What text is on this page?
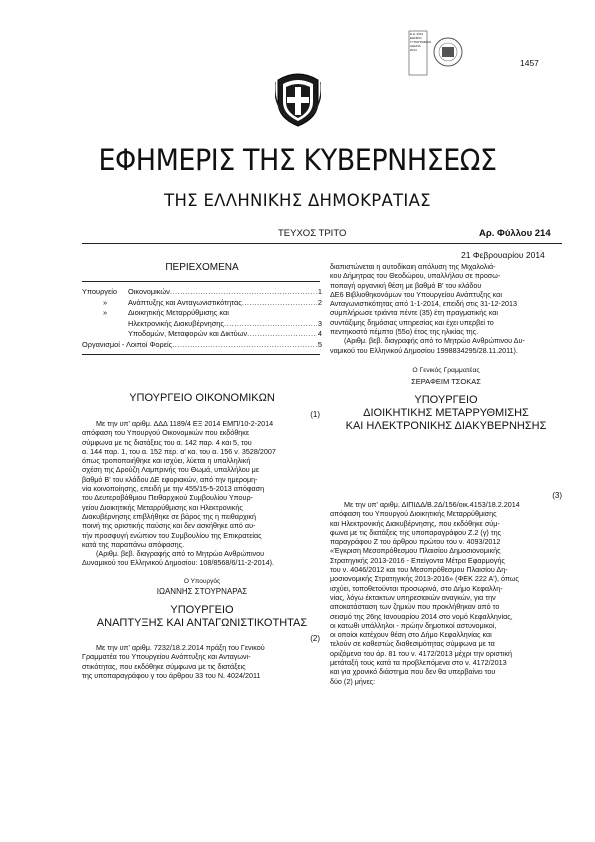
1457
Ε.Δ. 2014
ΕΘΝΙΚΟ ΤΥΠΟΓΡΑΦΕΙΟ
ΑΘΗΝΑ
2014
ΕΦΗΜΕΡΙΣ ΤΗΣ ΚΥΒΕΡΝΗΣΕΩΣ
ΤΗΣ ΕΛΛΗΝΙΚΗΣ ΔΗΜΟΚΡΑΤΙΑΣ
ΤΕΥΧΟΣ ΤΡΙΤΟ	Αρ. Φύλλου 214
21 Φεβρουαρίου 2014
ΠΕΡΙΕΧΟΜΕΝΑ
Υπουργείο	Οικονομικών .....	1
»	Ανάπτυξης και Ανταγωνιστικότητας .....	2
»	Διοικητικής Μεταρρύθμισης και
Ηλεκτρονικής Διακυβέρνησης .....	3
Υποδομών, Μεταφορών και Δικτύων .....	4
Οργανισμοί - Λοιποί Φορείς .....	5
ΥΠΟΥΡΓΕΙΟ ΟΙΚΟΝΟΜΙΚΩΝ
(1)
Με την υπ' αριθμ. ΔΔΔ 1189/4 ΕΞ 2014 ΕΜΠ/10-2-2014
απόφαση του Υπουργού Οικονομικών που εκδόθηκε
σύμφωνα με τις διατάξεις του α. 142 παρ. 4 και 5, του
α. 144 παρ. 1, του α. 152 περ. α' κα. του α. 156 ν. 3528/2007
όπως τροποποιήθηκε και ισχύει, λύεται η υπαλληλική
σχέση της Δρούζη Λαμπρινής του Θωμά, υπαλλήλου με
βαθμό Β' του κλάδου ΔΕ εφοριακών, από την ημερομη-
νία κοινοποίησης, επειδή με την 455/15-5-2013 απόφαση
του Δευτεροβάθμιου Πειθαρχικού Συμβουλίου Υπουρ-
γείου Διοικητικής Μεταρρύθμισης και Ηλεκτρονικής
Διακυβέρνησης επιβλήθηκε σε βάρος της η πειθαρχική
ποινή της οριστικής παύσης και δεν ασκήθηκε από αυ-
τήν προσφυγή ενώπιον του Συμβουλίου της Επικρατείας
κατά της παραπάνω απόφασης.
(Αριθμ. βεβ. διαγραφής από το Μητρώο Ανθρώπινου
Δυναμικού του Ελληνικού Δημοσίου: 108/8568/6/11-2-2014).
Ο Υπουργός
ΙΩΑΝΝΗΣ ΣΤΟΥΡΝΑΡΑΣ
ΥΠΟΥΡΓΕΙΟ
ΑΝΑΠΤΥΞΗΣ ΚΑΙ ΑΝΤΑΓΩΝΙΣΤΙΚΟΤΗΤΑΣ
(2)
Με την υπ' αριθμ. 7232/18.2.2014 πράξη του Γενικού
Γραμματέα του Υπουργείου Ανάπτυξης και Ανταγωνι-
στικότητας, που εκδόθηκε σύμφωνα με τις διατάξεις
της υποπαραγράφου γ του άρθρου 33 του Ν. 4024/2011
διαπιστώνεται η αυτοδίκαιη απόλυση της Μιχαλολιά-
κου Δήμητρας του Θεοδώρου, υπαλλήλου σε προσω-
ποπαγή οργανική θέση με βαθμό Β' του κλάδου
ΔΕ6 Βιβλιοθηκονόμων του Υπουργείου Ανάπτυξης και
Ανταγωνιστικότητας από 1-1-2014, επειδή στις 31-12-2013
συμπλήρωσε τριάντα πέντε (35) έτη πραγματικής και
συντάξιμης δημόσιας υπηρεσίας και έχει υπερβεί το
πεντηκοστό πέμπτο (55ο) έτος της ηλικίας της.
(Αριθμ. βεβ. διαγραφής από το Μητρώο Ανθρώπινου Δυ-
ναμικού του Ελληνικού Δημοσίου 1998834295/28.11.2011).
Ο Γενικός Γραμματέας
ΣΕΡΑΦΕΙΜ ΤΣΟΚΑΣ
ΥΠΟΥΡΓΕΙΟ
ΔΙΟΙΚΗΤΙΚΗΣ ΜΕΤΑΡΡΥΘΜΙΣΗΣ
ΚΑΙ ΗΛΕΚΤΡΟΝΙΚΗΣ ΔΙΑΚΥΒΕΡΝΗΣΗΣ
(3)
Με την υπ' αριθμ. ΔΙΠΙΔΔ/Β.2Δ/156/οικ.4153/18.2.2014
απόφαση του Υπουργού Διοικητικής Μεταρρύθμισης
και Ηλεκτρονικής Διακυβέρνησης, που εκδόθηκε σύμ-
φωνα με τις διατάξεις της υποπαραγράφου Ζ.2 (γ) της
παραγράφου Ζ του άρθρου πρώτου του ν. 4093/2012
«Έγκριση Μεσοπρόθεσμου Πλαισίου Δημοσιονομικής
Στρατηγικής 2013-2016 - Επείγοντα Μέτρα Εφαρμογής
του ν. 4046/2012 και του Μεσοπρόθεσμου Πλαισίου Δη-
μοσιονομικής Στρατηγικής 2013-2016» (ΦΕΚ 222 Α'), όπως
ισχύει, τοποθετούνται προσωρινά, στο Δήμο Κεφαλλη-
νίας, λόγω έκτακτων υπηρεσιακών αναγκών, για την
αποκατάσταση των ζημιών που προκλήθηκαν από το
σεισμό της 26ης Ιανουαρίου 2014 στο νομό Κεφαλληνίας,
οι κατωθι υπάλληλοι - πρώην δημοτικοί αστυνομικοί,
οι οποίοι κατέχουν θέση στο Δήμο Κεφαλληνίας και
τελούν σε καθεστώς διαθεσιμότητας σύμφωνα με τα
οριζόμενα του άρ. 81 του ν. 4172/2013 μέχρι την οριστική
μετάταξή τους κατά τα προβλεπόμενα στο ν. 4172/2013
και για χρονικό διάστημα που δεν θα υπερβαίνει του
δύο (2) μήνες:
